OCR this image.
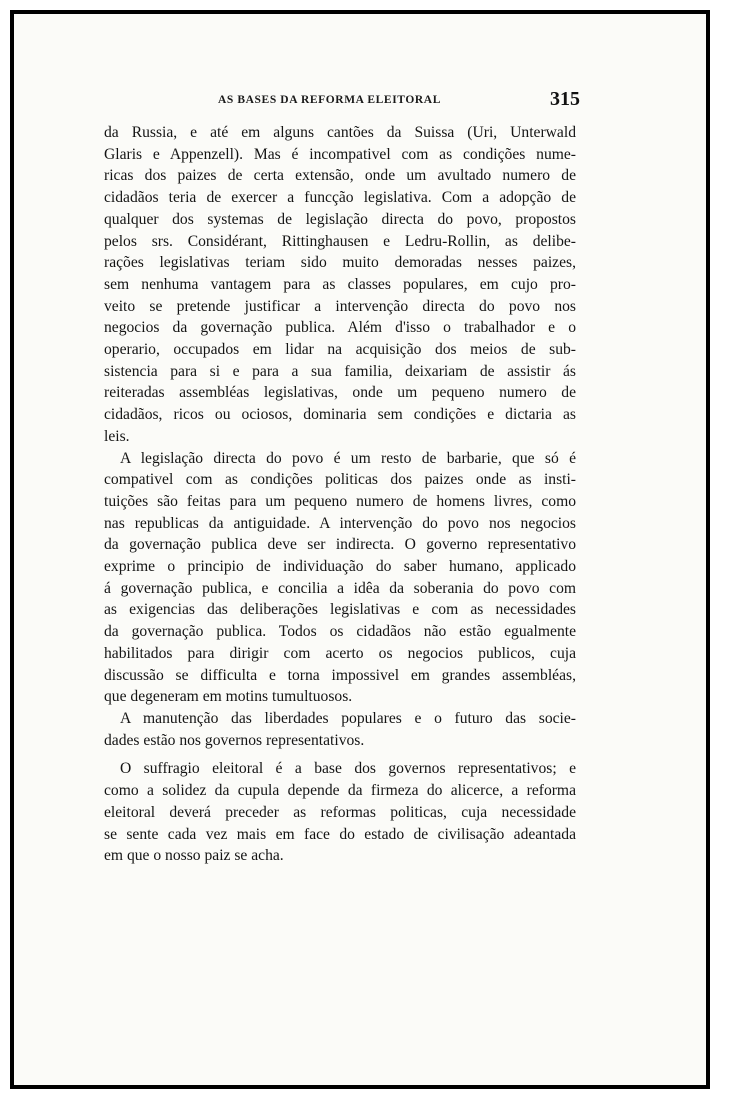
AS BASES DA REFORMA ELEITORAL	315

da Russia, e até em alguns cantões da Suissa (Uri, Unterwald

Glaris e Appenzell). Mas é incompativel com as condições nume-

ricas dos paizes de certa extensão, onde um avultado numero de

cidadãos teria de exercer a funcção legislativa. Com a adopção de

qualquer dos systemas de legislação directa do povo, propostos

pelos srs. Considérant, Rittinghausen e Ledru-Rollin, as delibe-

rações legislativas teriam sido muito demoradas nesses paizes,

sem nenhuma vantagem para as classes populares, em cujo pro-

veito se pretende justificar a intervenção directa do povo nos

negocios da governação publica. Além d'isso o trabalhador e o

operario, occupados em lidar na acquisição dos meios de sub-

sistencia para si e para a sua familia, deixariam de assistir ás

reiteradas assembléas legislativas, onde um pequeno numero de

cidadãos, ricos ou ociosos, dominaria sem condições e dictaria as

leis.

A legislação directa do povo é um resto de barbarie, que só é

compativel com as condições politicas dos paizes onde as insti-

tuições são feitas para um pequeno numero de homens livres, como

nas republicas da antiguidade. A intervenção do povo nos negocios

da governação publica deve ser indirecta. O governo representativo

exprime o principio de individuação do saber humano, applicado

á governação publica, e concilia a idêa da soberania do povo com

as exigencias das deliberações legislativas e com as necessidades

da governação publica. Todos os cidadãos não estão egualmente

habilitados para dirigir com acerto os negocios publicos, cuja

discussão se difficulta e torna impossivel em grandes assembléas,

que degeneram em motins tumultuosos.

A manutenção das liberdades populares e o futuro das socie-

dades estão nos governos representativos.

O suffragio eleitoral é a base dos governos representativos; e

como a solidez da cupula depende da firmeza do alicerce, a reforma

eleitoral deverá preceder as reformas politicas, cuja necessidade

se sente cada vez mais em face do estado de civilisação adeantada

em que o nosso paiz se acha.
